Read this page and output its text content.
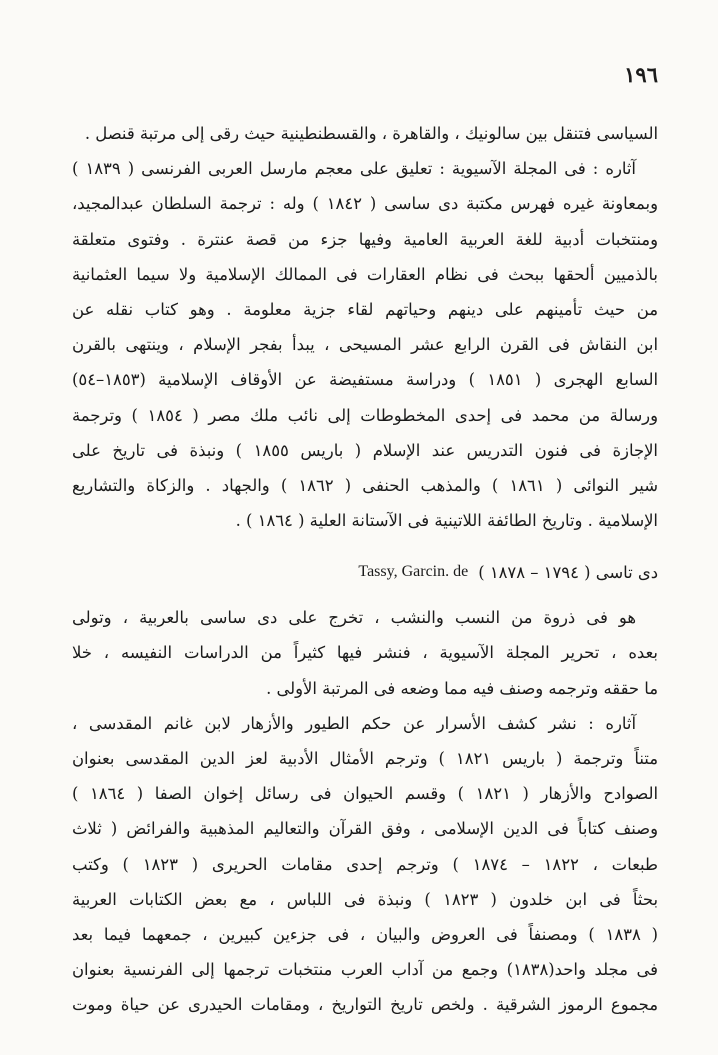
١٩٦
السياسى فتنقل بين سالونيك ، والقاهرة ، والقسطنطينية حيث رقى إلى مرتبة قنصل .
آثاره : فى المجلة الآسيوية : تعليق على معجم مارسل العربى الفرنسى ( ١٨٣٩ )
وبمعاونة غيره فهرس مكتبة دى ساسى ( ١٨٤٢ ) وله : ترجمة السلطان عبدالمجيد،
ومنتخبات أدبية للغة العربية العامية وفيها جزء من قصة عنترة . وفتوى متعلقة
بالذميين ألحقها ببحث فى نظام العقارات فى الممالك الإسلامية ولا سيما العثمانية
من حيث تأمينهم على دينهم وحياتهم لقاء جزية معلومة . وهو كتاب نقله عن
ابن النقاش فى القرن الرابع عشر المسيحى ، يبدأ بفجر الإسلام ، وينتهى بالقرن
السابع الهجرى ( ١٨٥١ ) ودراسة مستفيضة عن الأوقاف الإسلامية (١٨٥٣–٥٤)
ورسالة من محمد فى إحدى المخطوطات إلى نائب ملك مصر ( ١٨٥٤ ) وترجمة
الإجازة فى فنون التدريس عند الإسلام ( باريس ١٨٥٥ ) ونبذة فى تاريخ على
شير النوائى ( ١٨٦١ ) والمذهب الحنفى ( ١٨٦٢ ) والجهاد . والزكاة والتشاريع
الإسلامية . وتاريخ الطائفة اللاتينية فى الآستانة العلية ( ١٨٦٤ ) .
دى تاسى ( ١٧٩٤ – ١٨٧٨ )
Tassy, Garcin. de
هو فى ذروة من النسب والنشب ، تخرج على دى ساسى بالعربية ، وتولى
بعده ، تحرير المجلة الآسيوية ، فنشر فيها كثيراً من الدراسات النفيسه ، خلا
ما حققه وترجمه وصنف فيه مما وضعه فى المرتبة الأولى .
آثاره : نشر كشف الأسرار عن حكم الطيور والأزهار لابن غانم المقدسى ،
متناً وترجمة ( باريس ١٨٢١ ) وترجم الأمثال الأدبية لعز الدين المقدسى بعنوان
الصوادح والأزهار ( ١٨٢١ ) وقسم الحيوان فى رسائل إخوان الصفا ( ١٨٦٤ )
وصنف كتاباً فى الدين الإسلامى ، وفق القرآن والتعاليم المذهبية والفرائض ( ثلاث
طبعات ، ١٨٢٢ – ١٨٧٤ ) وترجم إحدى مقامات الحريرى ( ١٨٢٣ ) وكتب
بحثاً فى ابن خلدون ( ١٨٢٣ ) ونبذة فى اللباس ، مع بعض الكتابات العربية
( ١٨٣٨ ) ومصنفاً فى العروض والبيان ، فى جزءين كبيرين ، جمعهما فيما بعد
فى مجلد واحد(١٨٣٨) وجمع من آداب العرب منتخبات ترجمها إلى الفرنسية بعنوان
مجموع الرموز الشرقية . ولخص تاريخ التواريخ ، ومقامات الحيدرى عن حياة وموت
